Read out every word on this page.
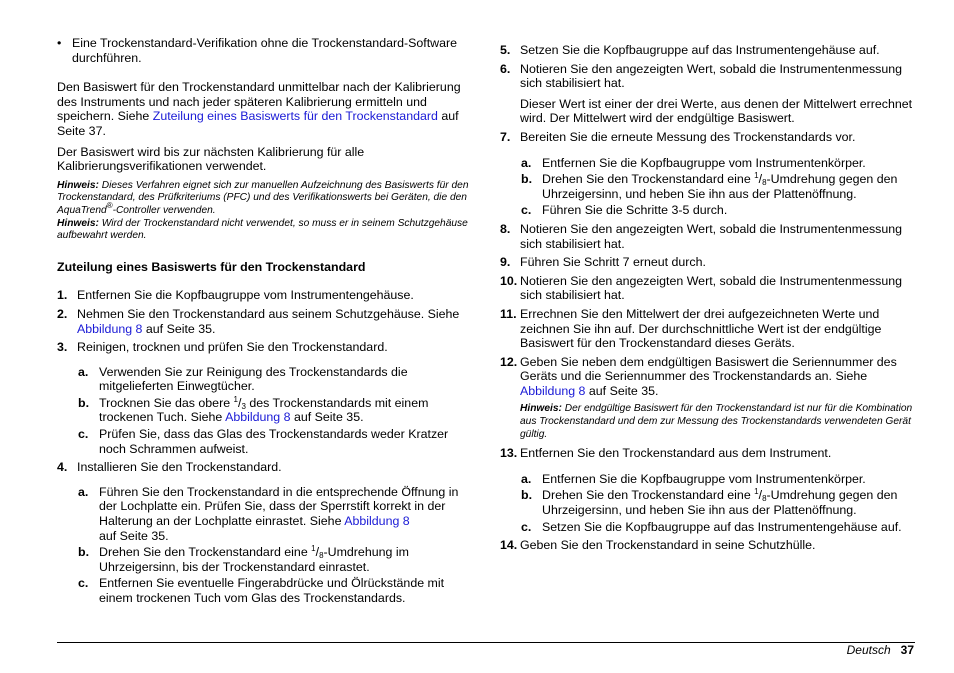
• Eine Trockenstandard-Verifikation ohne die Trockenstandard-Software durchführen.

Den Basiswert für den Trockenstandard unmittelbar nach der Kalibrierung des Instruments und nach jeder späteren Kalibrierung ermitteln und speichern. Siehe Zuteilung eines Basiswerts für den Trockenstandard auf Seite 37.

Der Basiswert wird bis zur nächsten Kalibrierung für alle Kalibrierungsverifikationen verwendet.

Hinweis: Dieses Verfahren eignet sich zur manuellen Aufzeichnung des Basiswerts für den Trockenstandard, des Prüfkriteriums (PFC) und des Verifikationswerts bei Geräten, die den AquaTrend®-Controller verwenden.

Hinweis: Wird der Trockenstandard nicht verwendet, so muss er in seinem Schutzgehäuse aufbewahrt werden.

Zuteilung eines Basiswerts für den Trockenstandard
1. Entfernen Sie die Kopfbaugruppe vom Instrumentengehäuse.
2. Nehmen Sie den Trockenstandard aus seinem Schutzgehäuse. Siehe Abbildung 8 auf Seite 35.
3. Reinigen, trocknen und prüfen Sie den Trockenstandard.
a. Verwenden Sie zur Reinigung des Trockenstandards die mitgelieferten Einwegtücher.
b. Trocknen Sie das obere $^1/_3$ des Trockenstandards mit einem trockenen Tuch. Siehe Abbildung 8 auf Seite 35.
c. Prüfen Sie, dass das Glas des Trockenstandards weder Kratzer noch Schrammen aufweist.
4. Installieren Sie den Trockenstandard.
a. Führen Sie den Trockenstandard in die entsprechende Öffnung in der Lochplatte ein. Prüfen Sie, dass der Sperrstift korrekt in der Halterung an der Lochplatte einrastet. Siehe Abbildung 8
auf Seite 35.
b. Drehen Sie den Trockenstandard eine $^1/_8$-Umdrehung im Uhrzeigersinn, bis der Trockenstandard einrastet.
c. Entfernen Sie eventuelle Fingerabdrücke und Ölrückstände mit einem trockenen Tuch vom Glas des Trockenstandards.
5. Setzen Sie die Kopfbaugruppe auf das Instrumentengehäuse auf.
6. Notieren Sie den angezeigten Wert, sobald die Instrumentenmessung sich stabilisiert hat.

Dieser Wert ist einer der drei Werte, aus denen der Mittelwert errechnet wird. Der Mittelwert wird der endgültige Basiswert.

7. Bereiten Sie die erneute Messung des Trockenstandards vor.
a. Entfernen Sie die Kopfbaugruppe vom Instrumentenkörper.
b. Drehen Sie den Trockenstandard eine $^1/_8$-Umdrehung gegen den Uhrzeigersinn, und heben Sie ihn aus der Plattenöffnung.
c. Führen Sie die Schritte 3-5 durch.
8. Notieren Sie den angezeigten Wert, sobald die Instrumentenmessung sich stabilisiert hat.
9. Führen Sie Schritt 7 erneut durch.
10. Notieren Sie den angezeigten Wert, sobald die Instrumentenmessung sich stabilisiert hat.
11. Errechnen Sie den Mittelwert der drei aufgezeichneten Werte und zeichnen Sie ihn auf. Der durchschnittliche Wert ist der endgültige Basiswert für den Trockenstandard dieses Geräts.
12. Geben Sie neben dem endgültigen Basiswert die Seriennummer des Geräts und die Seriennummer des Trockenstandards an. Siehe Abbildung 8 auf Seite 35.

Hinweis: Der endgültige Basiswert für den Trockenstandard ist nur für die Kombination aus Trockenstandard und dem zur Messung des Trockenstandards verwendeten Gerät gültig.

13. Entfernen Sie den Trockenstandard aus dem Instrument.
a. Entfernen Sie die Kopfbaugruppe vom Instrumentenkörper.
b. Drehen Sie den Trockenstandard eine $^1/_8$-Umdrehung gegen den Uhrzeigersinn, und heben Sie ihn aus der Plattenöffnung.
c. Setzen Sie die Kopfbaugruppe auf das Instrumentengehäuse auf.
14. Geben Sie den Trockenstandard in seine Schutzhülle.
Deutsch 37
